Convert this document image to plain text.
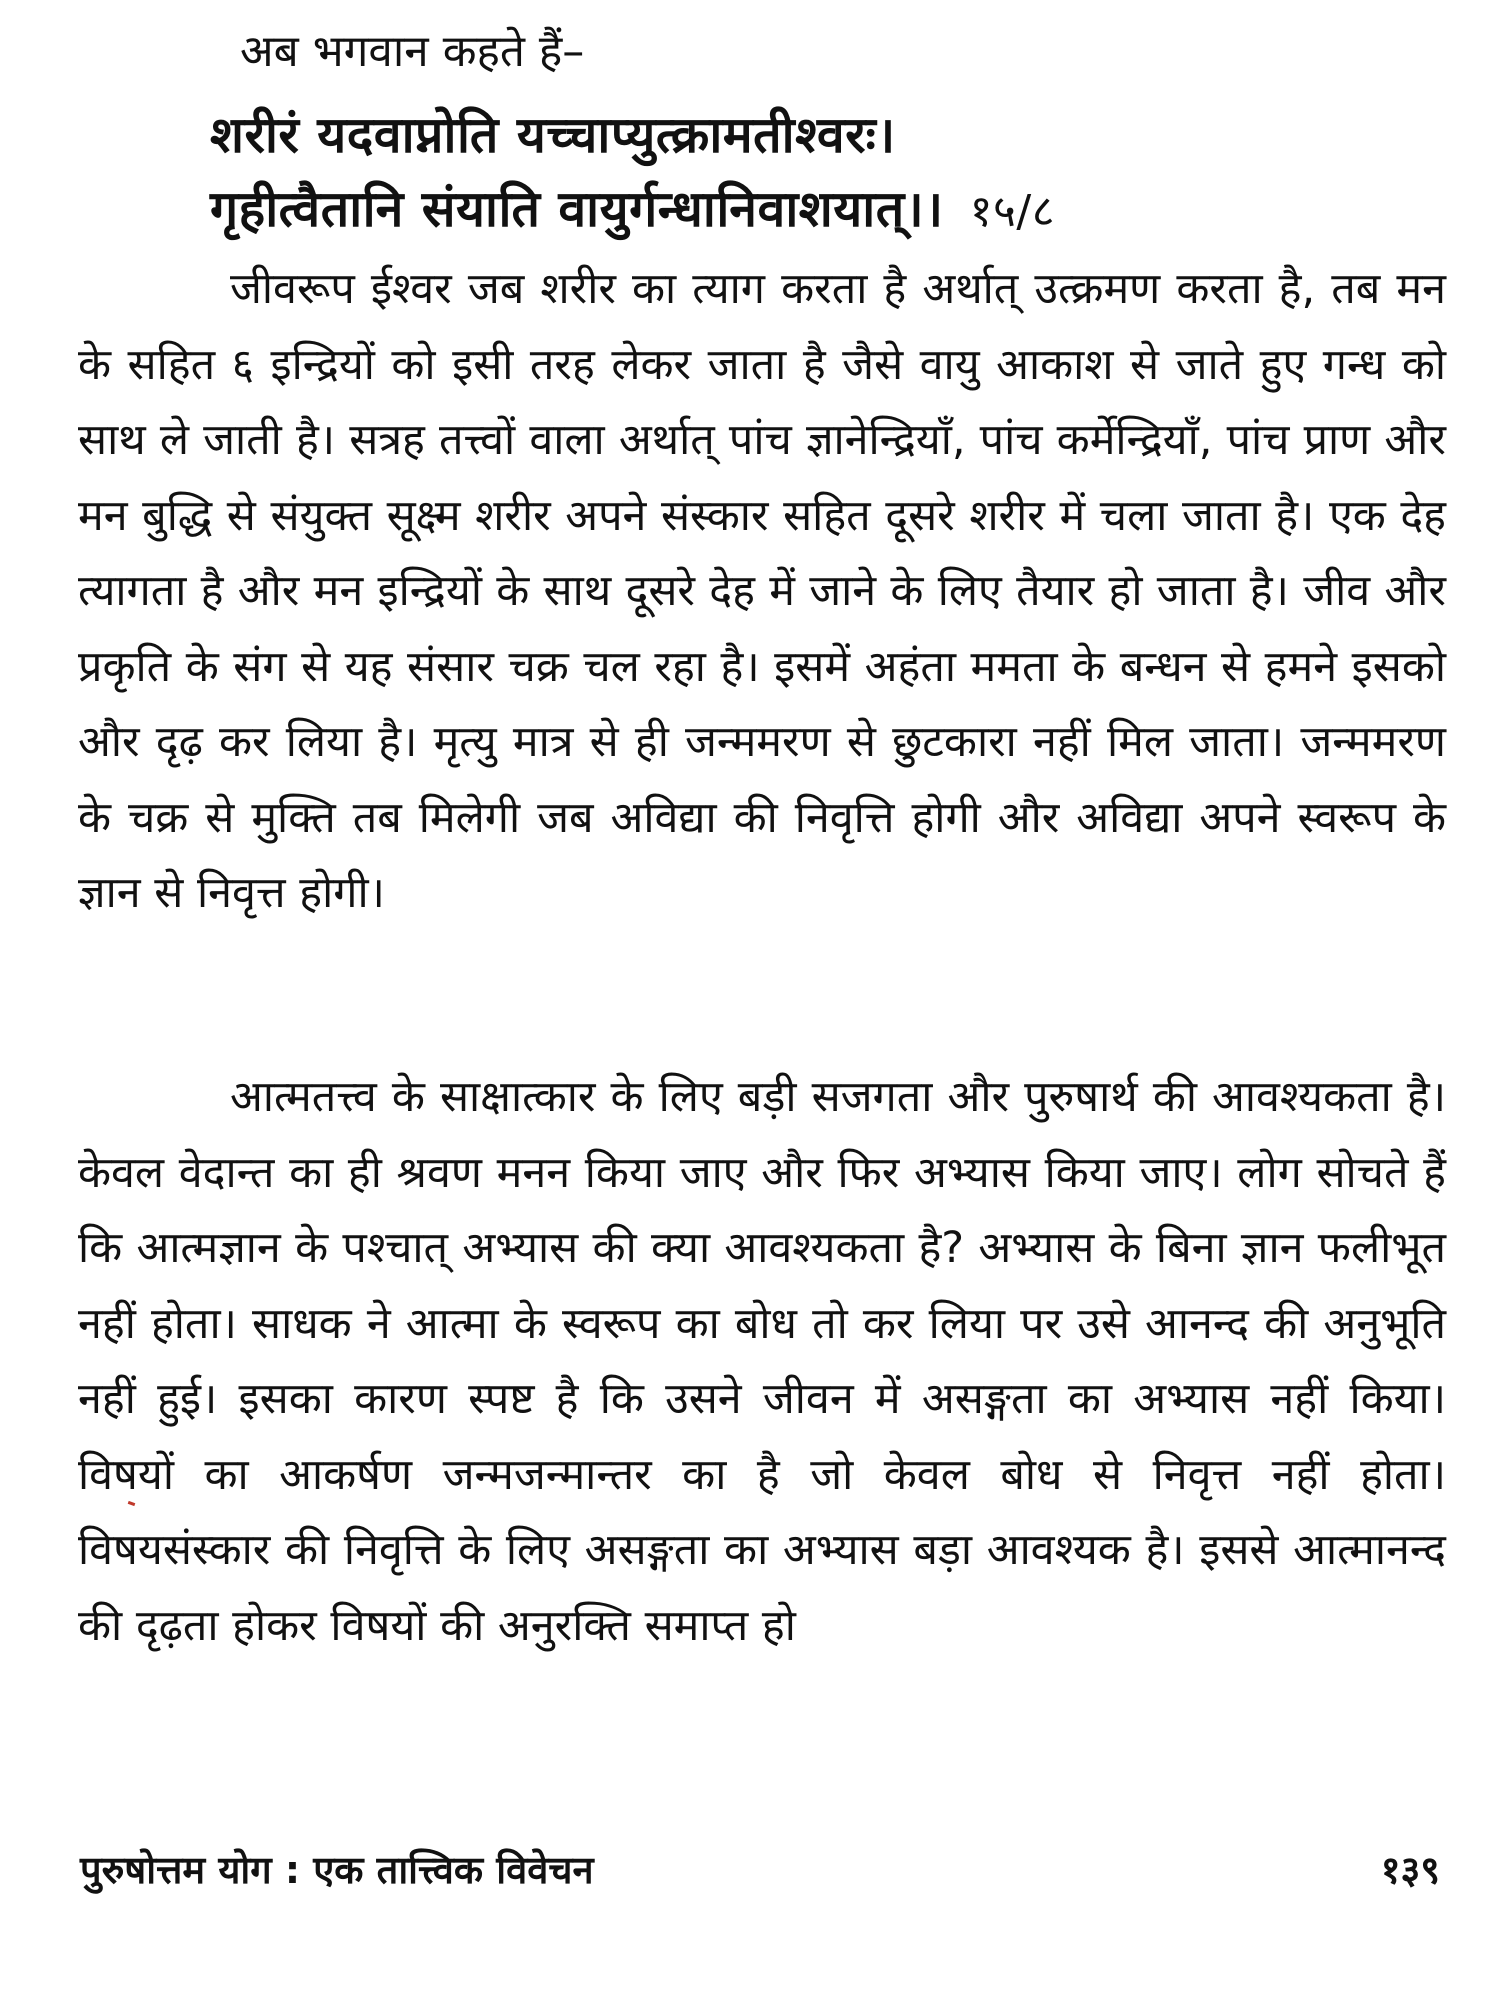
अब भगवान कहते हैं–
शरीरं यदवाप्नोति यच्चाप्युत्क्रामतीश्वरः।
गृहीत्वैतानि संयाति वायुर्गन्धानिवाशयात्।। १५/८

जीवरूप ईश्वर जब शरीर का त्याग करता है अर्थात् उत्क्रमण करता है, तब मन के सहित ६ इन्द्रियों को इसी तरह लेकर जाता है जैसे वायु आकाश से जाते हुए गन्ध को साथ ले जाती है। सत्रह तत्त्वों वाला अर्थात् पांच ज्ञानेन्द्रियाँ, पांच कर्मेन्द्रियाँ, पांच प्राण और मन बुद्धि से संयुक्त सूक्ष्म शरीर अपने संस्कार सहित दूसरे शरीर में चला जाता है। एक देह त्यागता है और मन इन्द्रियों के साथ दूसरे देह में जाने के लिए तैयार हो जाता है। जीव और प्रकृति के संग से यह संसार चक्र चल रहा है। इसमें अहंता ममता के बन्धन से हमने इसको और दृढ़ कर लिया है। मृत्यु मात्र से ही जन्ममरण से छुटकारा नहीं मिल जाता। जन्ममरण के चक्र से मुक्ति तब मिलेगी जब अविद्या की निवृत्ति होगी और अविद्या अपने स्वरूप के ज्ञान से निवृत्त होगी।

आत्मतत्त्व के साक्षात्कार के लिए बड़ी सजगता और पुरुषार्थ की आवश्यकता है। केवल वेदान्त का ही श्रवण मनन किया जाए और फिर अभ्यास किया जाए। लोग सोचते हैं कि आत्मज्ञान के पश्चात् अभ्यास की क्या आवश्यकता है? अभ्यास के बिना ज्ञान फलीभूत नहीं होता। साधक ने आत्मा के स्वरूप का बोध तो कर लिया पर उसे आनन्द की अनुभूति नहीं हुई। इसका कारण स्पष्ट है कि उसने जीवन में असङ्गता का अभ्यास नहीं किया। विषयों का आकर्षण जन्मजन्मान्तर का है जो केवल बोध से निवृत्त नहीं होता। विषयसंस्कार की निवृत्ति के लिए असङ्गता का अभ्यास बड़ा आवश्यक है। इससे आत्मानन्द की दृढ़ता होकर विषयों की अनुरक्ति समाप्त हो

पुरुषोत्तम योग : एक तात्त्विक विवेचन	१३९
